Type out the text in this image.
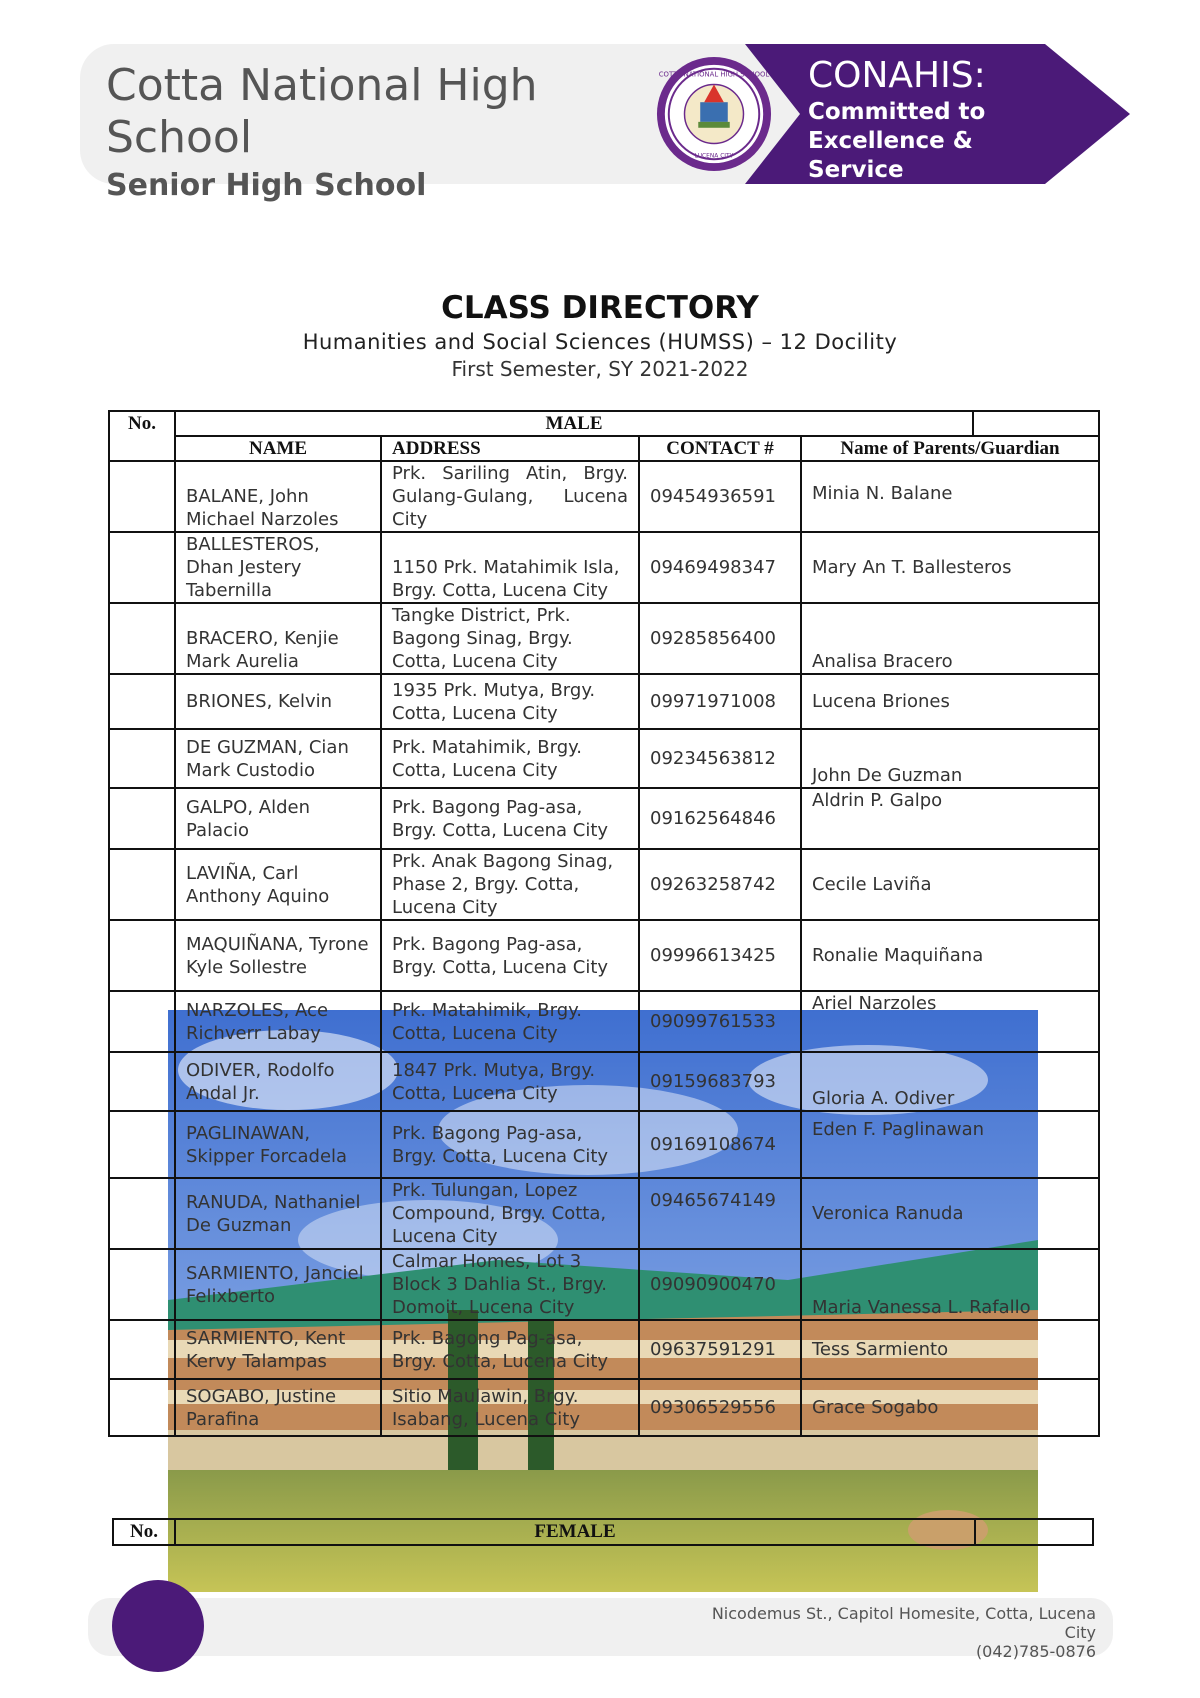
Cotta National High School
Senior High School
CONAHIS:
Committed to Excellence & Service
COTTA NATIONAL HIGH SCHOOL
LUCENA CITY
CLASS DIRECTORY
Humanities and Social Sciences (HUMSS) – 12 Docility
First Semester, SY 2021-2022
No.	MALE				
	NAME	ADDRESS	CONTACT #	Name of Parents/Guardian	
	BALANE, John Michael Narzoles	Prk. Sariling Atin, Brgy. Gulang-Gulang, Lucena City	09454936591	Minia N. Balane	
	BALLESTEROS, Dhan Jestery Tabernilla	1150 Prk. Matahimik Isla, Brgy. Cotta, Lucena City	09469498347	Mary An T. Ballesteros	
	BRACERO, Kenjie Mark Aurelia	Tangke District, Prk. Bagong Sinag, Brgy. Cotta, Lucena City	09285856400	Analisa Bracero	
	BRIONES, Kelvin	1935 Prk. Mutya, Brgy. Cotta, Lucena City	09971971008	Lucena Briones	
	DE GUZMAN, Cian Mark Custodio	Prk. Matahimik, Brgy. Cotta, Lucena City	09234563812	John De Guzman	
	GALPO, Alden Palacio	Prk. Bagong Pag-asa, Brgy. Cotta, Lucena City	09162564846	Aldrin P. Galpo	
	LAVIÑA, Carl Anthony Aquino	Prk. Anak Bagong Sinag, Phase 2, Brgy. Cotta, Lucena City	09263258742	Cecile Laviña	
	MAQUIÑANA, Tyrone Kyle Sollestre	Prk. Bagong Pag-asa, Brgy. Cotta, Lucena City	09996613425	Ronalie Maquiñana	
	NARZOLES, Ace Richverr Labay	Prk. Matahimik, Brgy. Cotta, Lucena City	09099761533	Ariel Narzoles	
	ODIVER, Rodolfo Andal Jr.	1847 Prk. Mutya, Brgy. Cotta, Lucena City	09159683793	Gloria A. Odiver	
	PAGLINAWAN, Skipper Forcadela	Prk. Bagong Pag-asa, Brgy. Cotta, Lucena City	09169108674	Eden F. Paglinawan	
	RANUDA, Nathaniel De Guzman	Prk. Tulungan, Lopez Compound, Brgy. Cotta, Lucena City	09465674149	Veronica Ranuda	
	SARMIENTO, Janciel Felixberto	Calmar Homes, Lot 3 Block 3 Dahlia St., Brgy. Domoit, Lucena City	09090900470	Maria Vanessa L. Rafallo	
	SARMIENTO, Kent Kervy Talampas	Prk. Bagong Pag-asa, Brgy. Cotta, Lucena City	09637591291	Tess Sarmiento	
	SOGABO, Justine Parafina	Sitio Maulawin, Brgy. Isabang, Lucena City	09306529556	Grace Sogabo	
No.	FEMALE	
Nicodemus St., Capitol Homesite, Cotta, Lucena City
(042)785-0876
